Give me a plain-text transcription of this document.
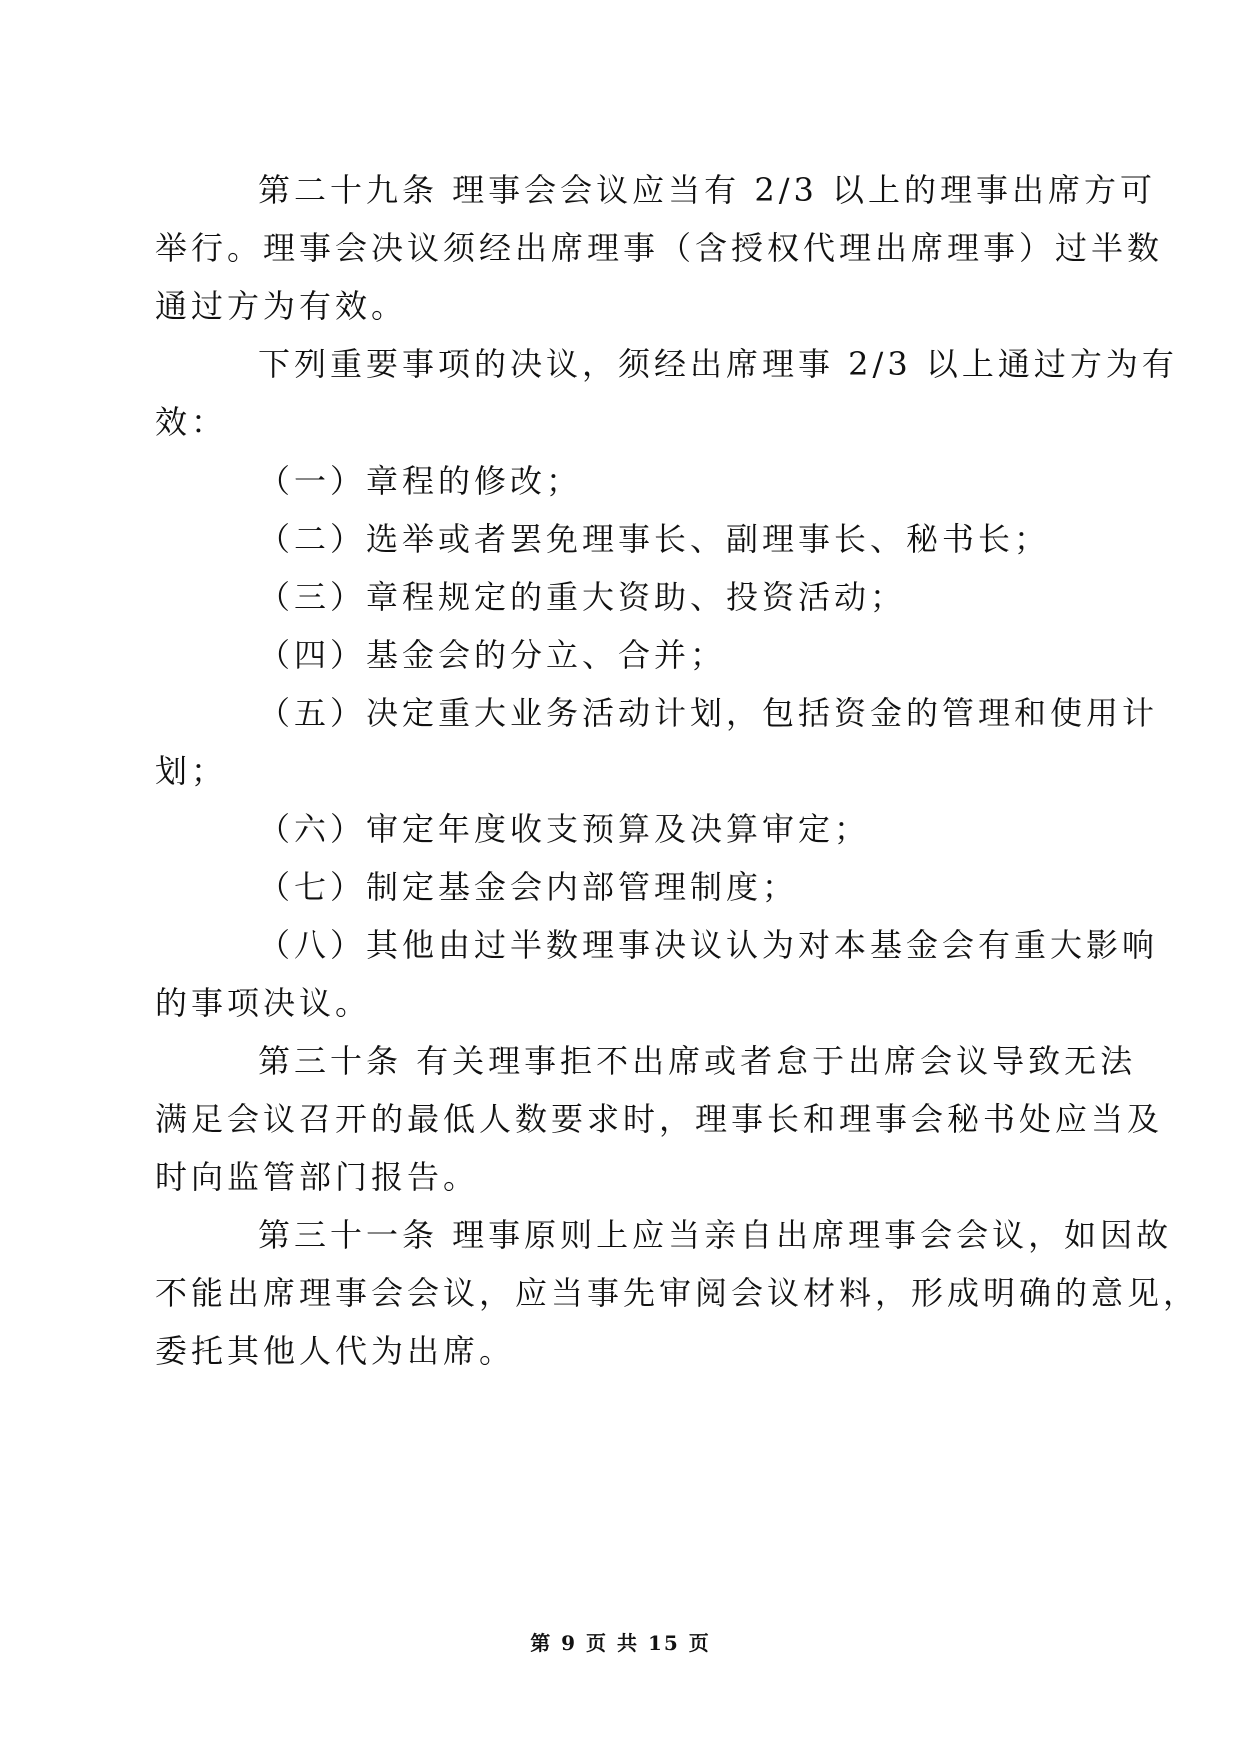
第二十九条 理事会会议应当有 2/3 以上的理事出席方可
举行。理事会决议须经出席理事（含授权代理出席理事）过半数
通过方为有效。
下列重要事项的决议，须经出席理事 2/3 以上通过方为有
效：
（一）章程的修改；
（二）选举或者罢免理事长、副理事长、秘书长；
（三）章程规定的重大资助、投资活动；
（四）基金会的分立、合并；
（五）决定重大业务活动计划，包括资金的管理和使用计
划；
（六）审定年度收支预算及决算审定；
（七）制定基金会内部管理制度；
（八）其他由过半数理事决议认为对本基金会有重大影响
的事项决议。
第三十条 有关理事拒不出席或者怠于出席会议导致无法
满足会议召开的最低人数要求时，理事长和理事会秘书处应当及
时向监管部门报告。
第三十一条 理事原则上应当亲自出席理事会会议，如因故
不能出席理事会会议，应当事先审阅会议材料，形成明确的意见，
委托其他人代为出席。
第 9 页 共 15 页
